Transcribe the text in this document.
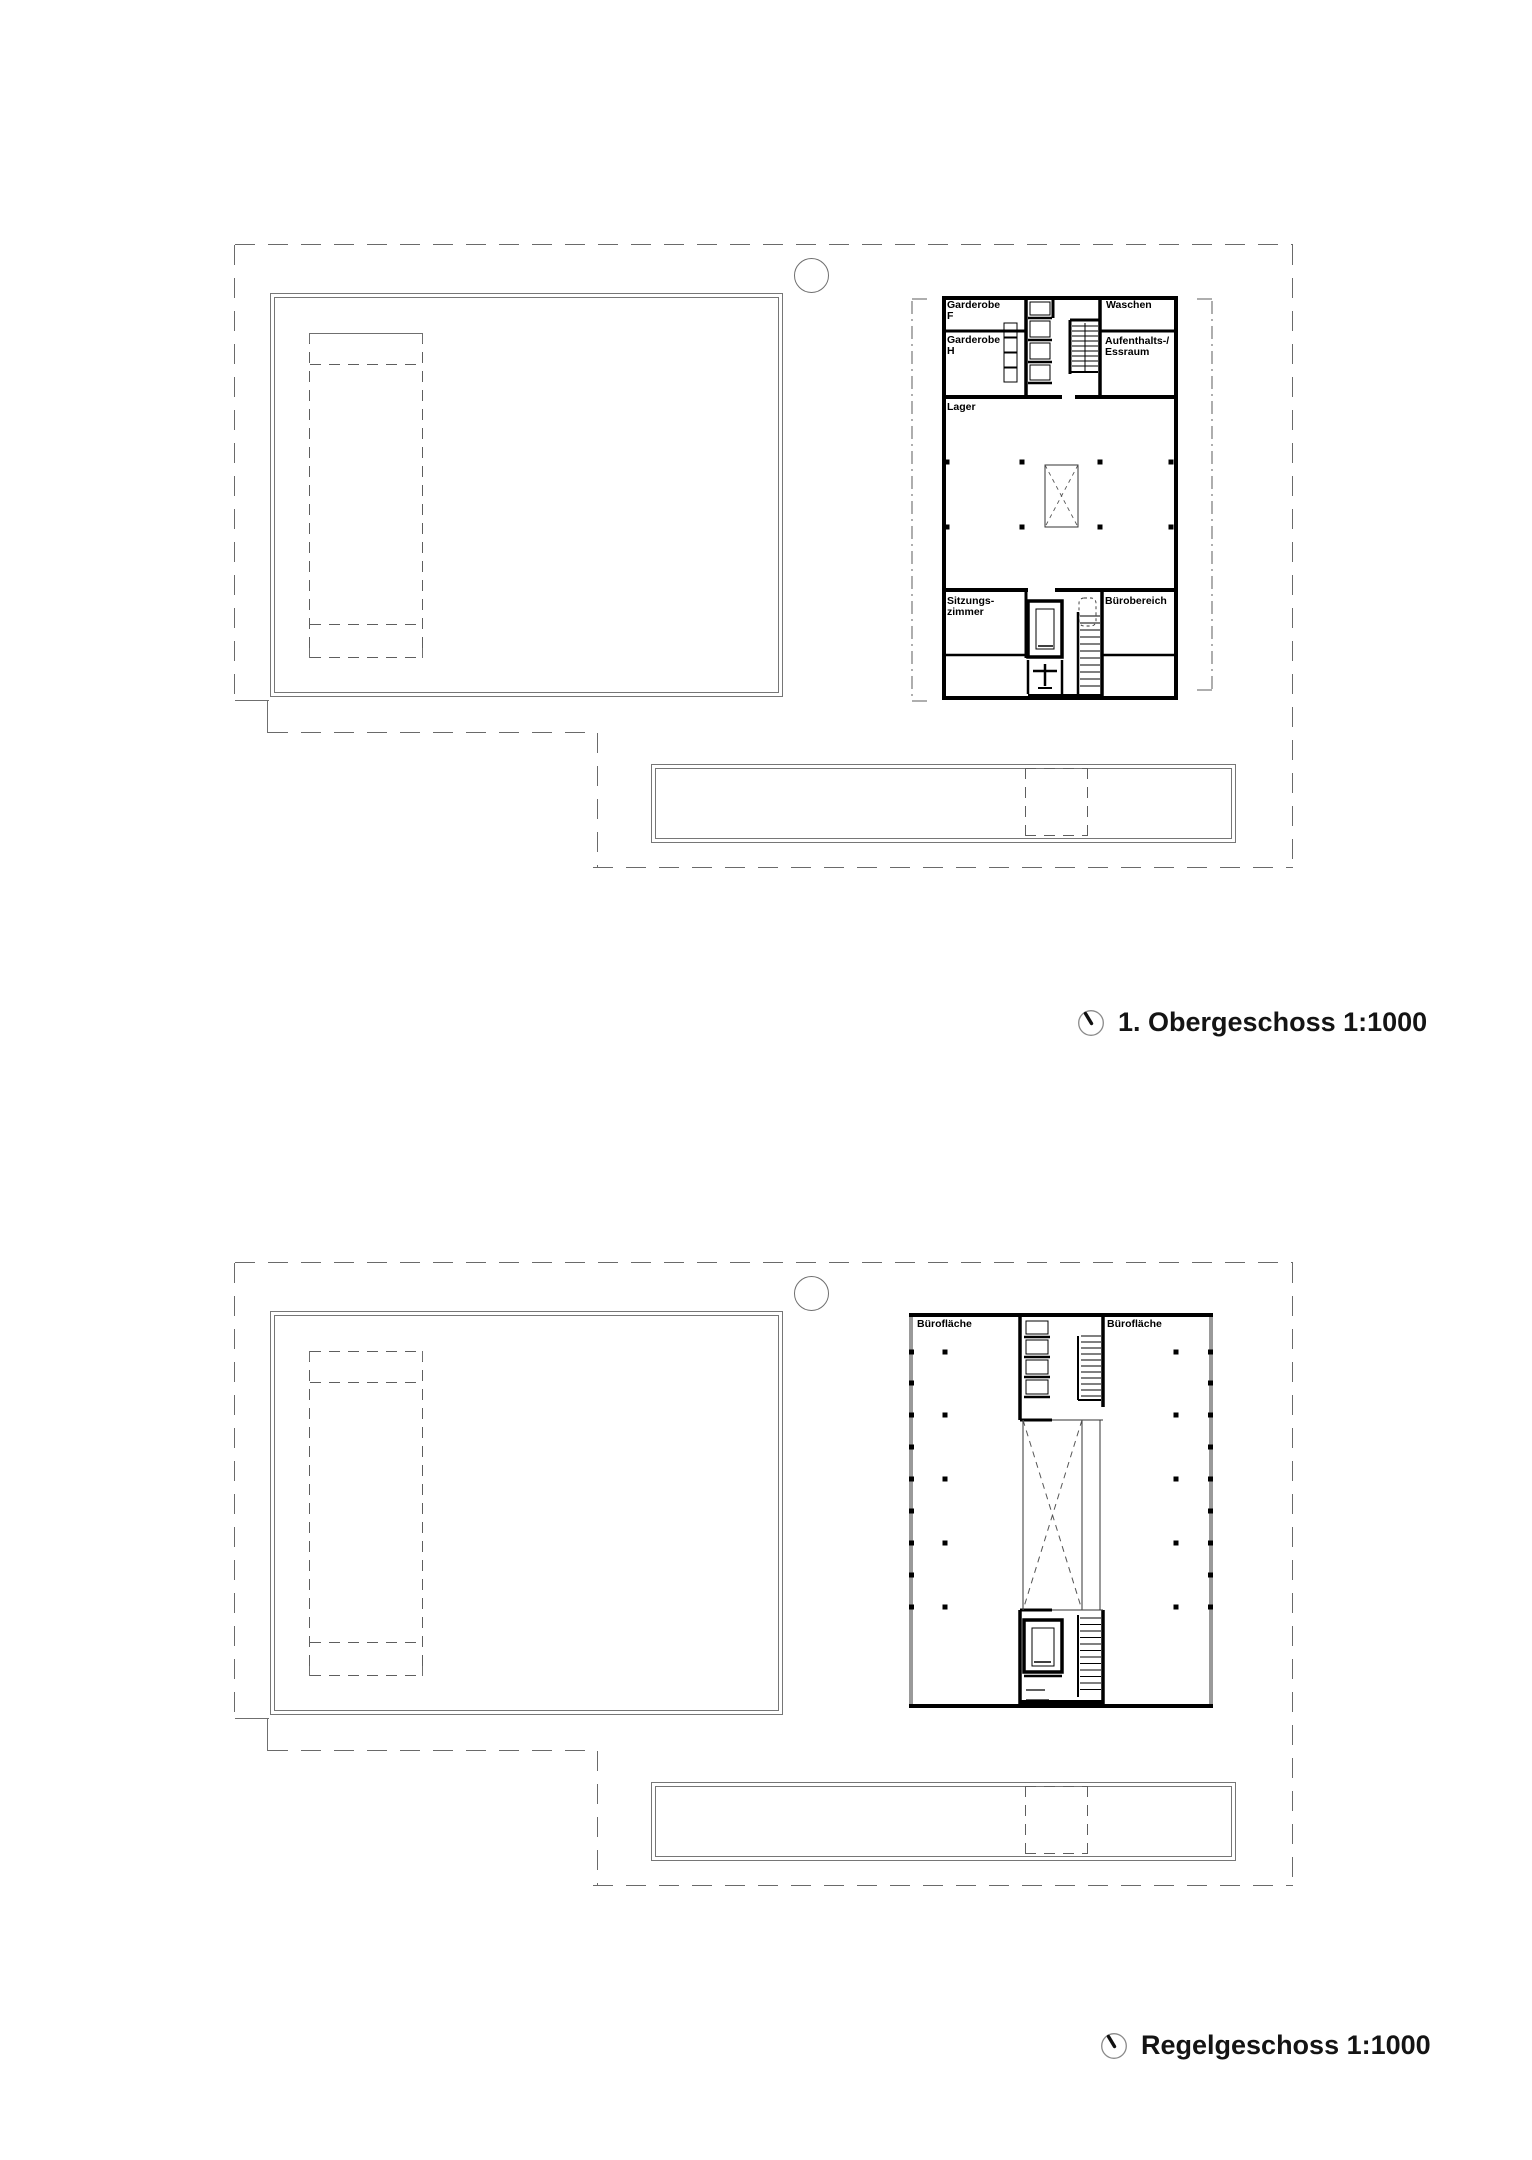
Garderobe
F
Waschen
Garderobe
H
Aufenthalts-/
Essraum
Lager
Sitzungs-
zimmer
Bürobereich
1. Obergeschoss 1:1000
Bürofläche	Bürofläche
Regelgeschoss 1:1000
